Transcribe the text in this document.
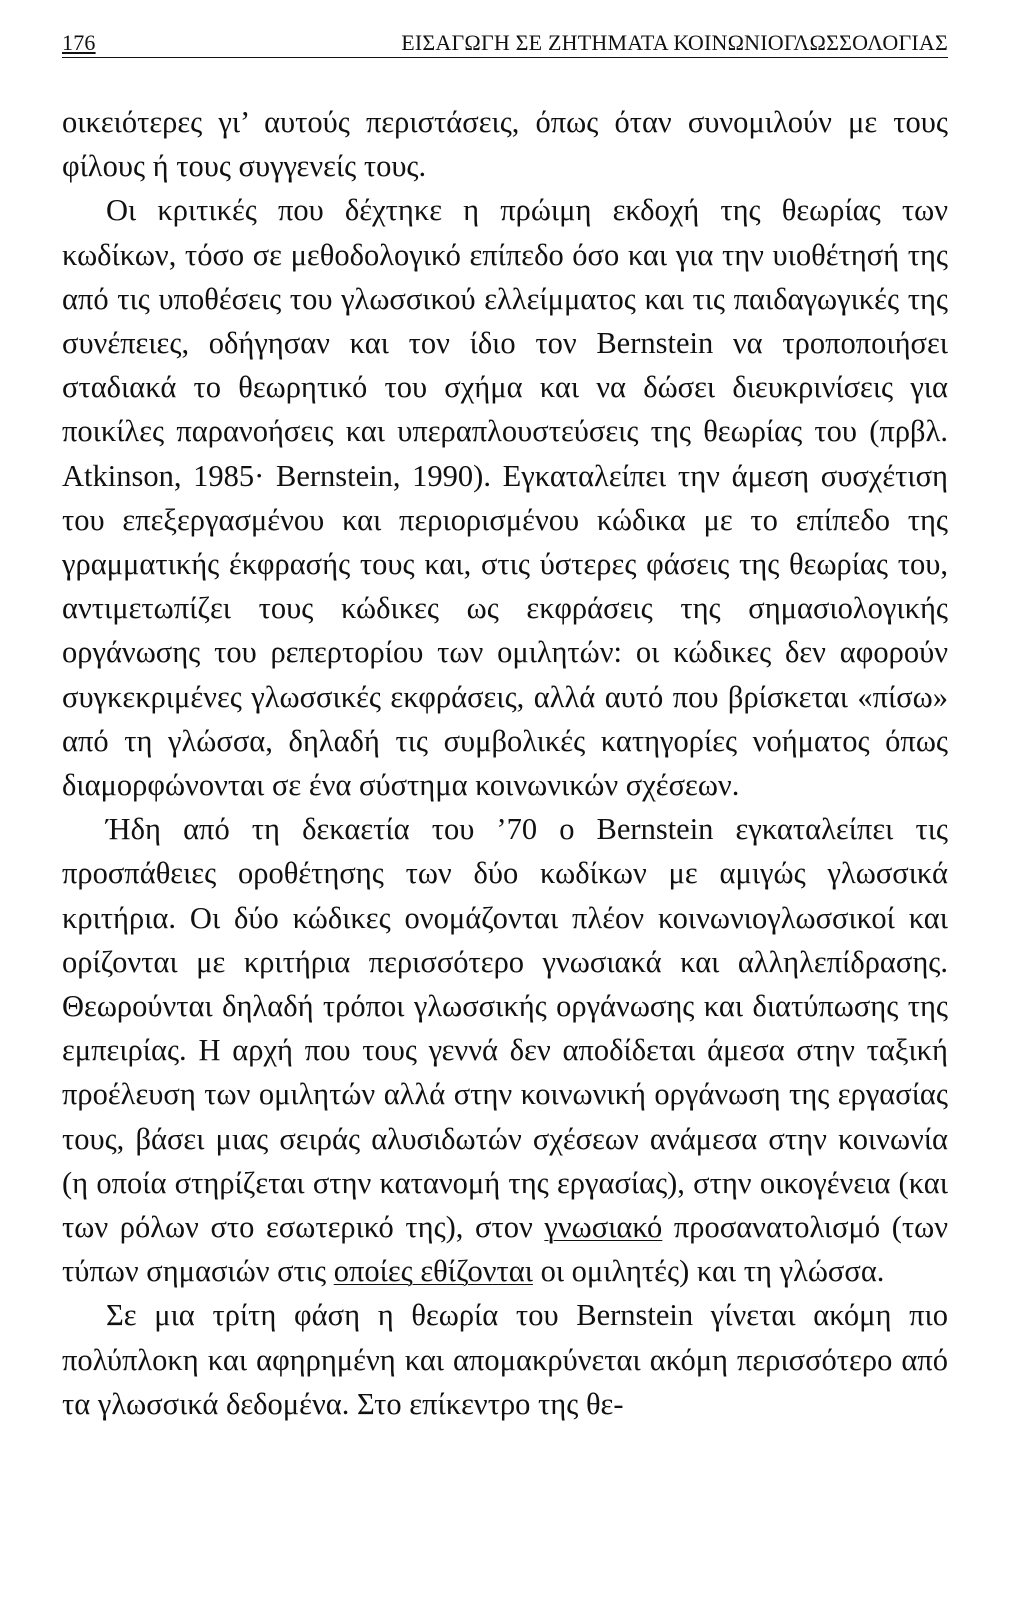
176	ΕΙΣΑΓΩΓΗ ΣΕ ΖΗΤΗΜΑΤΑ ΚΟΙΝΩΝΙΟΓΛΩΣΣΟΛΟΓΙΑΣ

οικειότερες γι’ αυτούς περιστάσεις, όπως όταν συνομιλούν με τους φίλους ή τους συγγενείς τους.

Οι κριτικές που δέχτηκε η πρώιμη εκδοχή της θεωρίας των κωδίκων, τόσο σε μεθοδολογικό επίπεδο όσο και για την υιοθέτησή της από τις υποθέσεις του γλωσσικού ελλείμματος και τις παιδαγωγικές της συνέπειες, οδήγησαν και τον ίδιο τον Bernstein να τροποποιήσει σταδιακά το θεωρητικό του σχήμα και να δώσει διευκρινίσεις για ποικίλες παρανοήσεις και υπεραπλουστεύσεις της θεωρίας του (πρβλ. Atkinson, 1985· Bernstein, 1990). Εγκαταλείπει την άμεση συσχέτιση του επεξεργασμένου και περιορισμένου κώδικα με το επίπεδο της γραμματικής έκφρασής τους και, στις ύστερες φάσεις της θεωρίας του, αντιμετωπίζει τους κώδικες ως εκφράσεις της σημασιολογικής οργάνωσης του ρεπερτορίου των ομιλητών: οι κώδικες δεν αφορούν συγκεκριμένες γλωσσικές εκφράσεις, αλλά αυτό που βρίσκεται «πίσω» από τη γλώσσα, δηλαδή τις συμβολικές κατηγορίες νοήματος όπως διαμορφώνονται σε ένα σύστημα κοινωνικών σχέσεων.

Ήδη από τη δεκαετία του ’70 ο Bernstein εγκαταλείπει τις προσπάθειες οροθέτησης των δύο κωδίκων με αμιγώς γλωσσικά κριτήρια. Οι δύο κώδικες ονομάζονται πλέον κοινωνιογλωσσικοί και ορίζονται με κριτήρια περισσότερο γνωσιακά και αλληλεπίδρασης. Θεωρούνται δηλαδή τρόποι γλωσσικής οργάνωσης και διατύπωσης της εμπειρίας. Η αρχή που τους γεννά δεν αποδίδεται άμεσα στην ταξική προέλευση των ομιλητών αλλά στην κοινωνική οργάνωση της εργασίας τους, βάσει μιας σειράς αλυσιδωτών σχέσεων ανάμεσα στην κοινωνία (η οποία στηρίζεται στην κατανομή της εργασίας), στην οικογένεια (και των ρόλων στο εσωτερικό της), στον γνωσιακό προσανατολισμό (των τύπων σημασιών στις οποίες εθίζονται οι ομιλητές) και τη γλώσσα.

Σε μια τρίτη φάση η θεωρία του Bernstein γίνεται ακόμη πιο πολύπλοκη και αφηρημένη και απομακρύνεται ακόμη περισσότερο από τα γλωσσικά δεδομένα. Στο επίκεντρο της θε-
